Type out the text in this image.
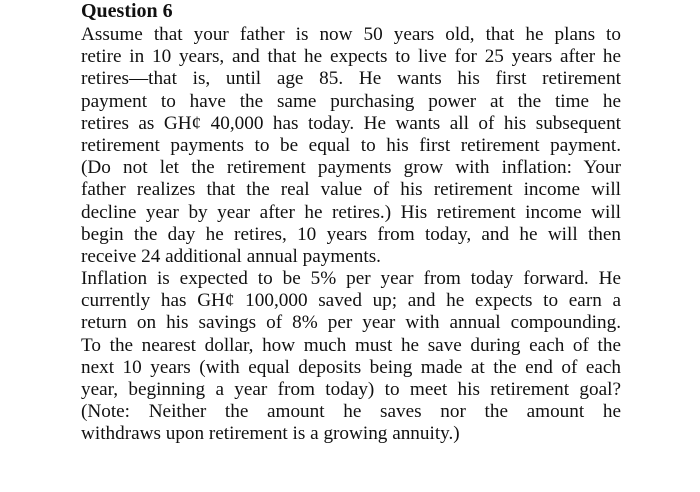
Question 6
Assume that your father is now 50 years old, that he plans to
retire in 10 years, and that he expects to live for 25 years after he
retires—that is, until age 85. He wants his first retirement
payment to have the same purchasing power at the time he
retires as GH¢ 40,000 has today. He wants all of his subsequent
retirement payments to be equal to his first retirement payment.
(Do not let the retirement payments grow with inflation: Your
father realizes that the real value of his retirement income will
decline year by year after he retires.) His retirement income will
begin the day he retires, 10 years from today, and he will then
receive 24 additional annual payments.
Inflation is expected to be 5% per year from today forward. He
currently has GH¢ 100,000 saved up; and he expects to earn a
return on his savings of 8% per year with annual compounding.
To the nearest dollar, how much must he save during each of the
next 10 years (with equal deposits being made at the end of each
year, beginning a year from today) to meet his retirement goal?
(Note: Neither the amount he saves nor the amount he
withdraws upon retirement is a growing annuity.)
